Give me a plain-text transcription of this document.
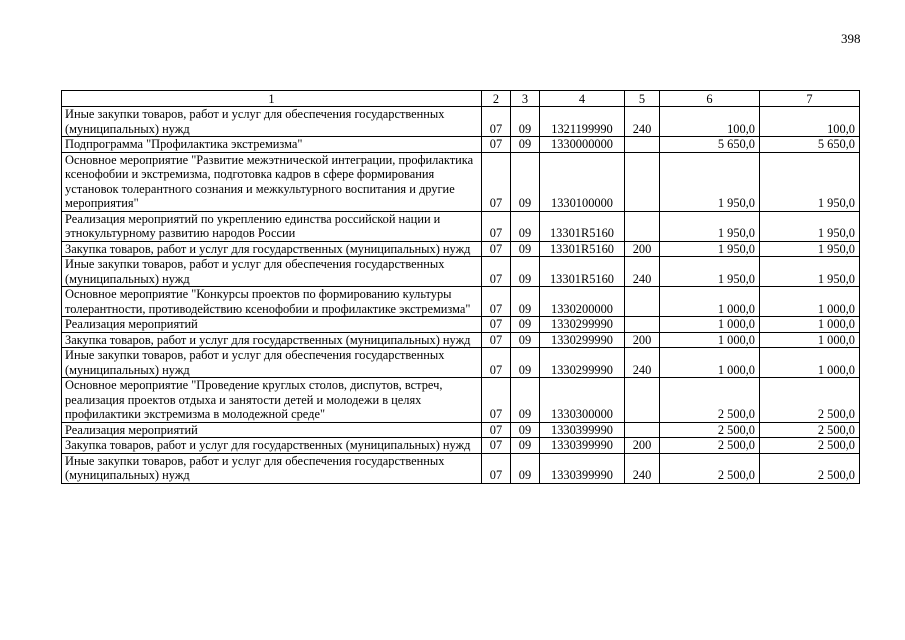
398
1	2	3	4	5	6	7
Иные закупки товаров, работ и услуг для обеспечения государственных (муниципальных) нужд	07	09	1321199990	240	100,0	100,0
Подпрограмма "Профилактика экстремизма"	07	09	1330000000		5 650,0	5 650,0
Основное мероприятие "Развитие межэтнической интеграции, профилактика ксенофобии и экстремизма, подготовка кадров в сфере формирования установок толерантного сознания и межкультурного воспитания и другие мероприятия"	07	09	1330100000		1 950,0	1 950,0
Реализация мероприятий по укреплению единства российской нации и этнокультурному развитию народов России	07	09	13301R5160		1 950,0	1 950,0
Закупка товаров, работ и услуг для государственных (муниципальных) нужд	07	09	13301R5160	200	1 950,0	1 950,0
Иные закупки товаров, работ и услуг для обеспечения государственных (муниципальных) нужд	07	09	13301R5160	240	1 950,0	1 950,0
Основное мероприятие "Конкурсы проектов по формированию культуры толерантности, противодействию ксенофобии и профилактике экстремизма"	07	09	1330200000		1 000,0	1 000,0
Реализация мероприятий	07	09	1330299990		1 000,0	1 000,0
Закупка товаров, работ и услуг для государственных (муниципальных) нужд	07	09	1330299990	200	1 000,0	1 000,0
Иные закупки товаров, работ и услуг для обеспечения государственных (муниципальных) нужд	07	09	1330299990	240	1 000,0	1 000,0
Основное мероприятие "Проведение круглых столов, диспутов, встреч, реализация проектов отдыха и занятости детей и молодежи в целях профилактики экстремизма в молодежной среде"	07	09	1330300000		2 500,0	2 500,0
Реализация мероприятий	07	09	1330399990		2 500,0	2 500,0
Закупка товаров, работ и услуг для государственных (муниципальных) нужд	07	09	1330399990	200	2 500,0	2 500,0
Иные закупки товаров, работ и услуг для обеспечения государственных (муниципальных) нужд	07	09	1330399990	240	2 500,0	2 500,0
